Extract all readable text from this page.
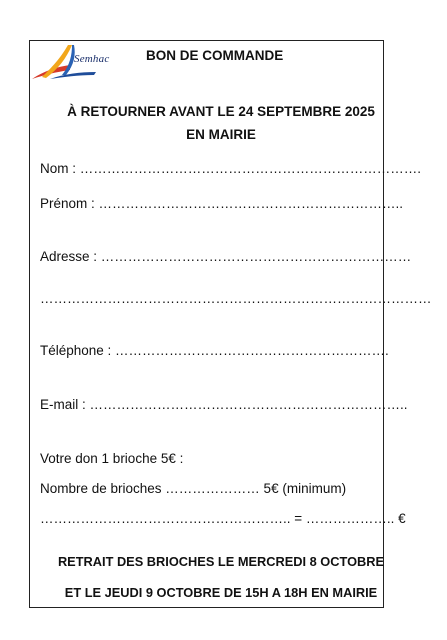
Semhac	BON DE COMMANDE
À RETOURNER AVANT LE 24 SEPTEMBRE 2025
EN MAIRIE
Nom : ………………………………………………………………….
Prénom : …………………………………………………………..
Adresse : ……………………………………………………………
……………………………………………………………………………
Téléphone : …………………………………………………….
E-mail : ……………………………………………………………..
Votre don 1 brioche 5€ :
Nombre de brioches ………………… 5€ (minimum)
……………………………………………….. = ……………….. €
RETRAIT DES BRIOCHES LE MERCREDI 8 OCTOBRE
ET LE JEUDI 9 OCTOBRE DE 15H A 18H EN MAIRIE
